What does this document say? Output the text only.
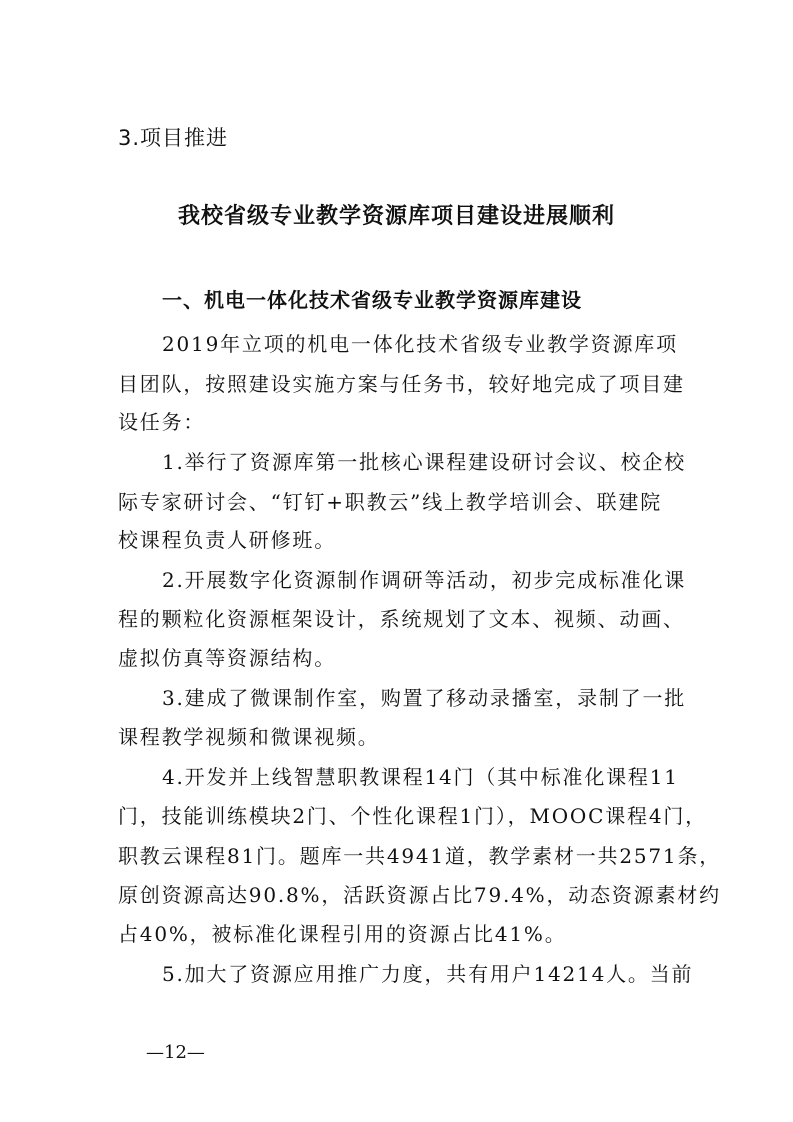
3.项目推进
我校省级专业教学资源库项目建设进展顺利
一、机电一体化技术省级专业教学资源库建设
2019年立项的机电一体化技术省级专业教学资源库项
目团队，按照建设实施方案与任务书，较好地完成了项目建
设任务：
1.举行了资源库第一批核心课程建设研讨会议、校企校
际专家研讨会、“钉钉+职教云”线上教学培训会、联建院
校课程负责人研修班。
2.开展数字化资源制作调研等活动，初步完成标准化课
程的颗粒化资源框架设计，系统规划了文本、视频、动画、
虚拟仿真等资源结构。
3.建成了微课制作室，购置了移动录播室，录制了一批
课程教学视频和微课视频。
4.开发并上线智慧职教课程14门（其中标准化课程11
门，技能训练模块2门、个性化课程1门），MOOC课程4门，
职教云课程81门。题库一共4941道，教学素材一共2571条，
原创资源高达90.8%，活跃资源占比79.4%，动态资源素材约
占40%，被标准化课程引用的资源占比41%。
5.加大了资源应用推广力度，共有用户14214人。当前
—12—
